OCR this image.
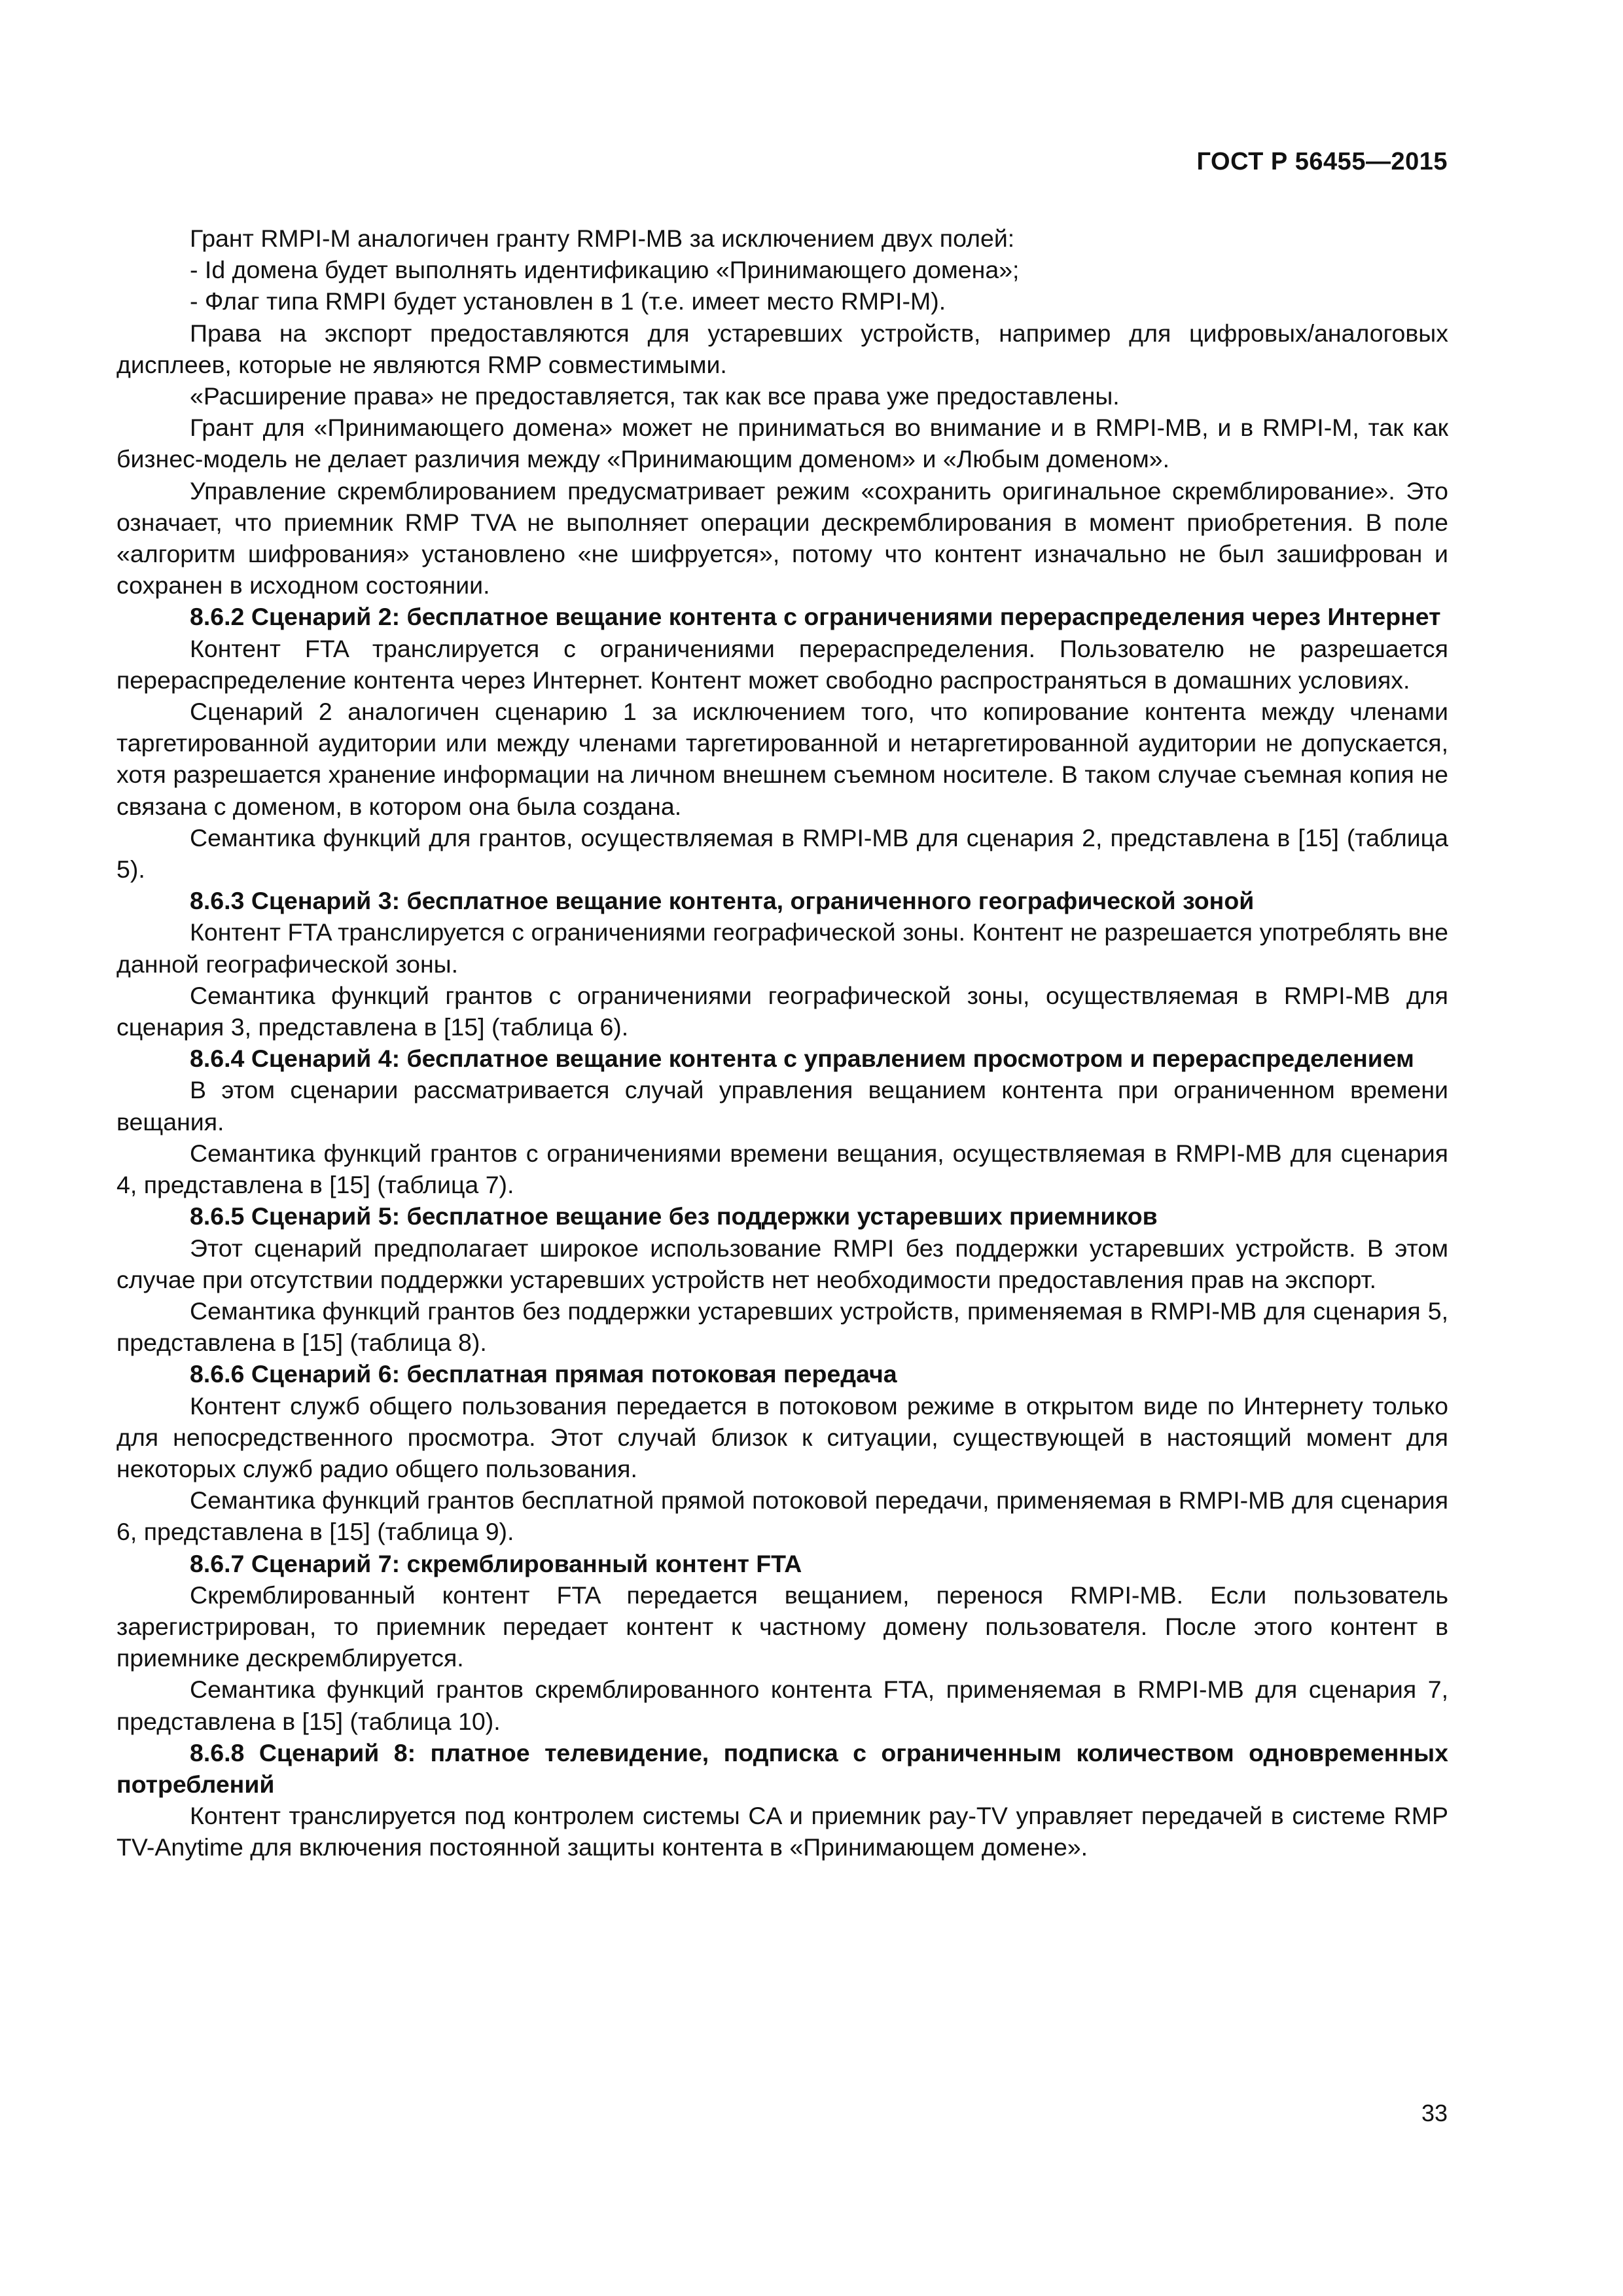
ГОСТ Р 56455—2015

Грант RMPI-M аналогичен гранту RMPI-MB за исключением двух полей:

- Id домена будет выполнять идентификацию «Принимающего домена»;

- Флаг типа RMPI будет установлен в 1 (т.е. имеет место RMPI-M).

Права на экспорт предоставляются для устаревших устройств, например для цифровых/аналоговых дисплеев, которые не являются RMP совместимыми.

«Расширение права» не предоставляется, так как все права уже предоставлены.

Грант для «Принимающего домена» может не приниматься во внимание и в RMPI-MB, и в RMPI-M, так как бизнес-модель не делает различия между «Принимающим доменом» и «Любым доменом».

Управление скремблированием предусматривает режим «сохранить оригинальное скремблирование». Это означает, что приемник RMP TVA не выполняет операции дескремблирования в момент приобретения. В поле «алгоритм шифрования» установлено «не шифруется», потому что контент изначально не был зашифрован и сохранен в исходном состоянии.

8.6.2 Сценарий 2: бесплатное вещание контента с ограничениями перераспределения через Интернет

Контент FTA транслируется с ограничениями перераспределения. Пользователю не разрешается перераспределение контента через Интернет. Контент может свободно распространяться в домашних условиях.

Сценарий 2 аналогичен сценарию 1 за исключением того, что копирование контента между членами таргетированной аудитории или между членами таргетированной и нетаргетированной аудитории не допускается, хотя разрешается хранение информации на личном внешнем съемном носителе. В таком случае съемная копия не связана с доменом, в котором она была создана.

Семантика функций для грантов, осуществляемая в RMPI-MB для сценария 2, представлена в [15] (таблица 5).

8.6.3 Сценарий 3: бесплатное вещание контента, ограниченного географической зоной

Контент FTA транслируется с ограничениями географической зоны. Контент не разрешается употреблять вне данной географической зоны.

Семантика функций грантов с ограничениями географической зоны, осуществляемая в RMPI-MB для сценария 3, представлена в [15] (таблица 6).

8.6.4 Сценарий 4: бесплатное вещание контента с управлением просмотром и перераспределением

В этом сценарии рассматривается случай управления вещанием контента при ограниченном времени вещания.

Семантика функций грантов с ограничениями времени вещания, осуществляемая в RMPI-MB для сценария 4, представлена в [15] (таблица 7).

8.6.5 Сценарий 5: бесплатное вещание без поддержки устаревших приемников

Этот сценарий предполагает широкое использование RMPI без поддержки устаревших устройств. В этом случае при отсутствии поддержки устаревших устройств нет необходимости предоставления прав на экспорт.

Семантика функций грантов без поддержки устаревших устройств, применяемая в RMPI-MB для сценария 5, представлена в [15] (таблица 8).

8.6.6 Сценарий 6: бесплатная прямая потоковая передача

Контент служб общего пользования передается в потоковом режиме в открытом виде по Интернету только для непосредственного просмотра. Этот случай близок к ситуации, существующей в настоящий момент для некоторых служб радио общего пользования.

Семантика функций грантов бесплатной прямой потоковой передачи, применяемая в RMPI-MB для сценария 6, представлена в [15] (таблица 9).

8.6.7 Сценарий 7: скремблированный контент FTA

Скремблированный контент FTA передается вещанием, перенося RMPI-MB. Если пользователь зарегистрирован, то приемник передает контент к частному домену пользователя. После этого контент в приемнике дескремблируется.

Семантика функций грантов скремблированного контента FTA, применяемая в RMPI-MB для сценария 7, представлена в [15] (таблица 10).

8.6.8 Сценарий 8: платное телевидение, подписка с ограниченным количеством одновременных потреблений

Контент транслируется под контролем системы CA и приемник pay-TV управляет передачей в системе RMP TV-Anytime для включения постоянной защиты контента в «Принимающем домене».

33
